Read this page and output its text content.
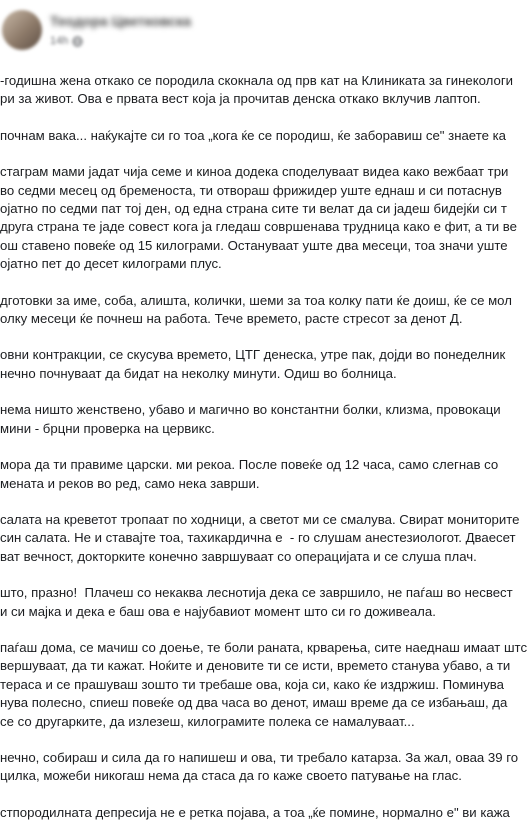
Теодора Цветковска
14h

-годишна жена откако се породила скокнала од прв кат на Клиниката за гинекологи
ри за живот. Ова е првата вест која ја прочитав денска откако вклучив лаптоп.

почнам вака... наќукајте си го тоа „кога ќе се породиш, ќе заборавиш се" знаете ка

стаграм мами јадат чија семе и киноа додека споделуваат видеа како вежбаат три
во седми месец од бременоста, ти отвораш фрижидер уште еднаш и си потаснув
ојатно по седми пат тој ден, од една страна сите ти велат да си јадеш бидејќи си т
друга страна те јаде совест кога ја гледаш совршенава трудница како е фит, а ти ве
ош ставено повеќе од 15 килограми. Остануваат уште два месеци, тоа значи уште
ојатно пет до десет килограми плус.

дготовки за име, соба, алишта, колички, шеми за тоа колку пати ќе доиш, ќе се мол
олку месеци ќе почнеш на работа. Тече времето, расте стресот за денот Д.

овни контракции, се скусува времето, ЦТГ денеска, утре пак, дојди во понеделник
нечно почнуваат да бидат на неколку минути. Одиш во болница.

нема ништо женствено, убаво и магично во константни болки, клизма, провокаци
мини - брцни проверка на цервикс.

мора да ти правиме царски. ми рекоа. После повеќе од 12 часа, само слегнав со
мената и реков во ред, само нека заврши.

салата на креветот тропаат по ходници, а светот ми се смалува. Свират мониторите
син салата. Не и ставајте тоа, тахикардична е  - го слушам анестезиологот. Дваесет
ват вечност, докторките конечно завршуваат со операцијата и се слуша плач.

што, празно!  Плачеш со некаква леснотија дека се завршило, не паѓаш во несвест
и си мајка и дека е баш ова е најубавиот момент што си го доживеала.

паѓаш дома, се мачиш со доење, те боли раната, крварења, сите наеднаш имаат штс
вершуваат, да ти кажат. Ноќите и деновите ти се исти, времето станува убаво, а ти
тераса и се прашуваш зошто ти требаше ова, која си, како ќе издржиш. Поминува
нува полесно, спиеш повеќе од два часа во денот, имаш време да се избањаш, да
се со другарките, да излезеш, килограмите полека се намалуваат...

нечно, собираш и сила да го напишеш и ова, ти требало катарза. За жал, оваа 39 го
цилка, можеби никогаш нема да стаса да го каже своето патување на глас.

стпородилната депресија не е ретка појава, а тоа „ќе помине, нормално е" ви кажа
